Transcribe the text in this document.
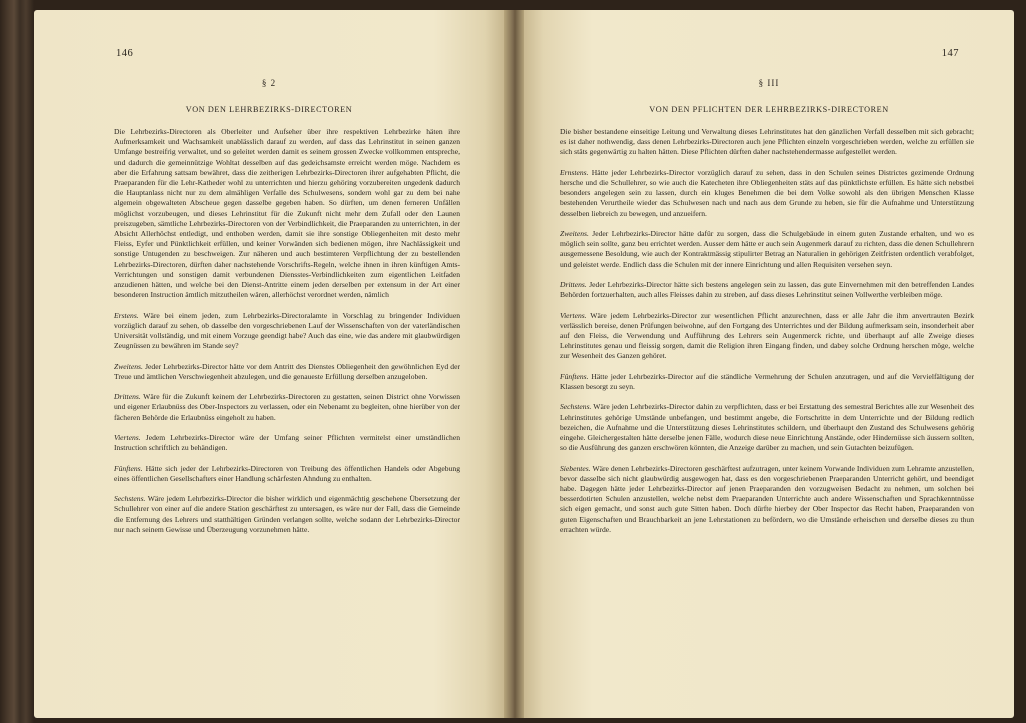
146
§ 2
VON DEN LEHRBEZIRKS-DIRECTOREN

Die Lehrbezirks-Directoren als Oberleiter und Aufseher über ihre respektiven Lehrbezirke häten ihre Aufmerksamkeit und Wachsamkeit unablässlich darauf zu werden, auf dass das Lehrinstitut in seinen ganzen Umfange bestreifrig verwaltet, und so geleitet werden damit es seinem grossen Zwecke vollkommen entspreche, und dadurch die gemeinnützige Wohltat desselben auf das gedeichsamste erreicht werden möge. Nachdem es aber die Erfahrung sattsam bewähret, dass die zeitherigen Lehrbezirks-Directoren ihrer aufgehabten Pflicht, die Praeparanden für die Lehr-Katheder wohl zu unterrichten und hierzu gehöring vorzubereiten ungedenk dadurch die Hauptanlass nicht nur zu dem almähligen Verfalle des Schulwesens, sondern wohl gar zu dem bei nahe algemein obgewalteten Abscheue gegen dasselbe gegeben haben. So dürften, um denen ferneren Unfällen möglichst vorzubeugen, und dieses Lehrinstitut für die Zukunft nicht mehr dem Zufall oder den Launen preiszugeben, sämtliche Lehrbezirks-Directoren von der Verbindlichkeit, die Praeparanden zu unterrichten, in der Absicht Allerhöchst entledigt, und enthoben werden, damit sie ihre sonstige Obliegenheiten mit desto mehr Fleiss, Eyfer und Pünktlichkeit erfüllen, und keiner Vorwänden sich bedienen mögen, ihre Nachlässigkeit und sonstige Untugenden zu beschweigen. Zur näheren und auch bestimteren Verpflichtung der zu bestellenden Lehrbezirks-Directoren, dürften daher nachstehende Vorschrifts-Regeln, welche ihnen in ihren künftigen Amts-Verrichtungen und sonstigen damit verbundenen Diensstes-Verbindlichkeiten zum eigentlichen Leitfaden anzudienen hätten, und welche bei den Dienst-Antritte einem jeden derselben per extensum in der Art einer besonderen Instruction ämtlich mitzutheilen wären, allerhöchst verordnet werden, nämlich

Erstens. Wäre bei einem jeden, zum Lehrbezirks-Directoralamte in Vorschlag zu bringender Individuen vorzüglich darauf zu sehen, ob dasselbe den vorgeschriebenen Lauf der Wissenschaften von der vaterländischen Universität vollständig, und mit einem Vorzuge geendigt habe? Auch das eine, wie das andere mit glaubwürdigen Zeugnüssen zu bewähren im Stande sey?

Zweitens. Jeder Lehrbezirks-Director hätte vor dem Antritt des Dienstes Obliegenheit den gewöhnlichen Eyd der Treue und ämtlichen Verschwiegenheit abzulegen, und die genaueste Erfüllung derselben anzugeloben.

Drittens. Wäre für die Zukunft keinem der Lehrbezirks-Directoren zu gestatten, seinen District ohne Vorwissen und eigener Erlaubnüss des Ober-Inspectors zu verlassen, oder ein Nebenamt zu begleiten, ohne hierüber von der fächeren Behörde die Erlaubnüss eingeholt zu haben.

Viertens. Jedem Lehrbezirks-Director wäre der Umfang seiner Pflichten vermitelst einer umständlichen Instruction schriftlich zu behändigen.

Fünftens. Hätte sich jeder der Lehrbezirks-Directoren von Treibung des öffentlichen Handels oder Abgebung eines öffentlichen Gesellschafters einer Handlung schärfesten Ahndung zu enthalten.

Sechstens. Wäre jedem Lehrbezirks-Director die bisher wirklich und eigenmächtig geschehene Übersetzung der Schullehrer von einer auf die andere Station geschärftest zu untersagen, es wäre nur der Fall, dass die Gemeinde die Entfernung des Lehrers und statthältigen Gründen verlangen sollte, welche sodann der Lehrbezirks-Director nur nach seinem Gewisse und Überzeugung vorzunehmen hätte.

147
§ III
VON DEN PFLICHTEN DER LEHRBEZIRKS-DIRECTOREN

Die bisher bestandene einseitige Leitung und Verwaltung dieses Lehrinstitutes hat den gänzlichen Verfall desselben mit sich gebracht; es ist daher nothwendig, dass denen Lehrbezirks-Directoren auch jene Pflichten einzeln vorgeschrieben werden, welche zu erfüllen sie sich stäts gegenwärtig zu halten hätten. Diese Pflichten dürften daher nachstehendermasse aufgestellet werden.

Ernstens. Hätte jeder Lehrbezirks-Director vorzüglich darauf zu sehen, dass in den Schulen seines Districtes gezimende Ordnung hersche und die Schullehrer, so wie auch die Katecheten ihre Obliegenheiten stäts auf das pünktlichste erfüllen. Es hätte sich nebstbei besonders angelegen sein zu lassen, durch ein kluges Benehmen die bei dem Volke sowohl als den übrigen Menschen Klasse bestehenden Verurtheile wieder das Schulwesen nach und nach aus dem Grunde zu heben, sie für die Aufnahme und Unterstützung desselben liebreich zu bewegen, und anzueifern.

Zweitens. Jeder Lehrbezirks-Director hätte dafür zu sorgen, dass die Schulgebäude in einem guten Zustande erhalten, und wo es möglich sein sollte, ganz beu errichtet werden. Ausser dem hätte er auch sein Augenmerk darauf zu richten, dass die denen Schullehrern ausgemessene Besoldung, wie auch der Kontraktmässig stipulirter Betrag an Naturalien in gehörigen Zeitfristen ordentlich verabfolget, und geleistet werde. Endlich dass die Schulen mit der innere Einrichtung und allen Requisiten versehen seyn.

Drittens. Jeder Lehrbezirks-Director hätte sich bestens angelegen sein zu lassen, das gute Einvernehmen mit den betreffenden Landes Behörden fortzuerhalten, auch alles Fleisses dahin zu streben, auf dass dieses Lehrinstitut seinen Vollwerthe verbleiben möge.

Viertens. Wäre jedem Lehrbezirks-Director zur wesentlichen Pflicht anzurechnen, dass er alle Jahr die ihm anvertrauten Bezirk verlässlich bereise, denen Prüfungen beiwohne, auf den Fortgang des Unterrichtes und der Bildung aufmerksam sein, insonderheit aber auf den Fleiss, die Verwendung und Aufführung des Lehrers sein Augenmerck richte, und überhaupt auf alle Zweige dieses Lehrinstitutes genau und fleissig sorgen, damit die Religion ihren Eingang finden, und dabey solche Ordnung herschen möge, welche zur Wesenheit des Ganzen gehöret.

Fünftens. Hätte jeder Lehrbezirks-Director auf die ständliche Vermehrung der Schulen anzutragen, und auf die Vervielfältigung der Klassen besorgt zu seyn.

Sechstens. Wäre jeden Lehrbezirks-Director dahin zu verpflichten, dass er bei Erstattung des semestral Berichtes alle zur Wesenheit des Lehrinstitutes gehörige Umstände unbefangen, und bestimmt angebe, die Fortschritte in dem Unterrichte und der Bildung redlich bezeichen, die Aufnahme und die Unterstützung dieses Lehrinstitutes schildern, und überhaupt den Zustand des Schulwesens gehörig eingehe. Gleichergestalten hätte derselbe jenen Fälle, wodurch diese neue Einrichtung Anstände, oder Hindernüsse sich äussern sollten, so die Ausführung des ganzen erschwören könnten, die Anzeige darüber zu machen, und sein Gutachten beizufügen.

Siebentes. Wäre denen Lehrbezirks-Directoren geschärftest aufzutragen, unter keinem Vorwande Individuen zum Lehramte anzustellen, bevor dasselbe sich nicht glaubwürdig ausgewogen hat, dass es den vorgeschriebenen Praeparanden Unterricht gehört, und beendiget habe. Dagegen hätte jeder Lehrbezirks-Director auf jenen Praeparanden den vorzugweisen Bedacht zu nehmen, um solchen bei besserdotirten Schulen anzustellen, welche nebst dem Praeparanden Unterrichte auch andere Wissenschaften und Sprachkenntnüsse sich eigen gemacht, und sonst auch gute Sitten haben. Doch dürfte hierbey der Ober Inspector das Recht haben, Praeparanden von guten Eigenschaften und Brauchbarkeit an jene Lehrstationen zu befördern, wo die Umstände erheischen und derselbe dieses zu thun errachten würde.
